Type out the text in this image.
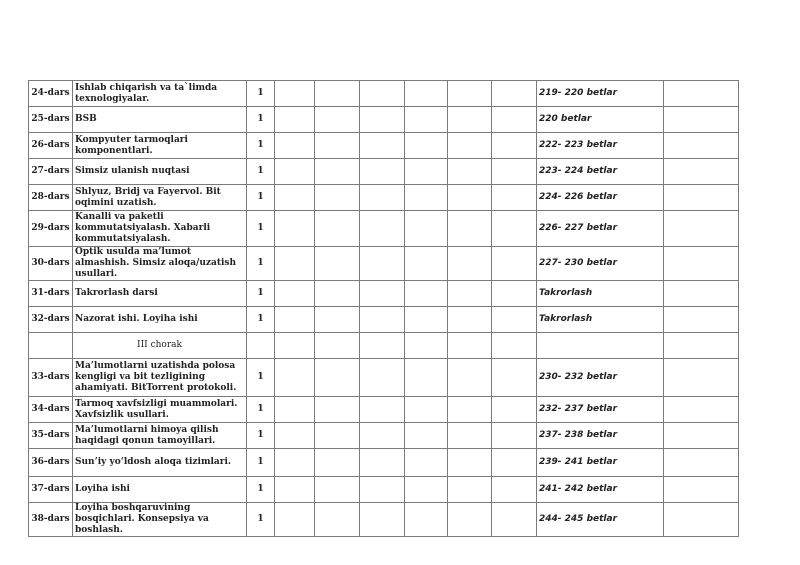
24-dars	Ishlab chiqarish va ta`limda texnologiyalar.	1							219- 220 betlar	
25-dars	BSB	1							220 betlar	
26-dars	Kompyuter tarmoqlari komponentlari.	1							222- 223 betlar	
27-dars	Simsiz ulanish nuqtasi	1							223- 224 betlar	
28-dars	Shlyuz, Bridj va Fayervol. Bit oqimini uzatish.	1							224- 226 betlar	
29-dars	Kanalli va paketli kommutatsiyalash. Xabarli kommutatsiyalash.	1							226- 227 betlar	
30-dars	Optik usulda ma’lumot almashish. Simsiz aloqa/uzatish usullari.	1							227- 230 betlar	
31-dars	Takrorlash darsi	1							Takrorlash	
32-dars	Nazorat ishi. Loyiha ishi	1							Takrorlash	
	III chorak									
33-dars	Ma’lumotlarni uzatishda polosa kengligi va bit tezligining ahamiyati. BitTorrent protokoli.	1							230- 232 betlar	
34-dars	Tarmoq xavfsizligi muammolari. Xavfsizlik usullari.	1							232- 237 betlar	
35-dars	Ma’lumotlarni himoya qilish haqidagi qonun tamoyillari.	1							237- 238 betlar	
36-dars	Sun’iy yo‘ldosh aloqa tizimlari.	1							239- 241 betlar	
37-dars	Loyiha ishi	1							241- 242 betlar	
38-dars	Loyiha boshqaruvining bosqichlari. Konsepsiya va boshlash.	1							244- 245 betlar	
